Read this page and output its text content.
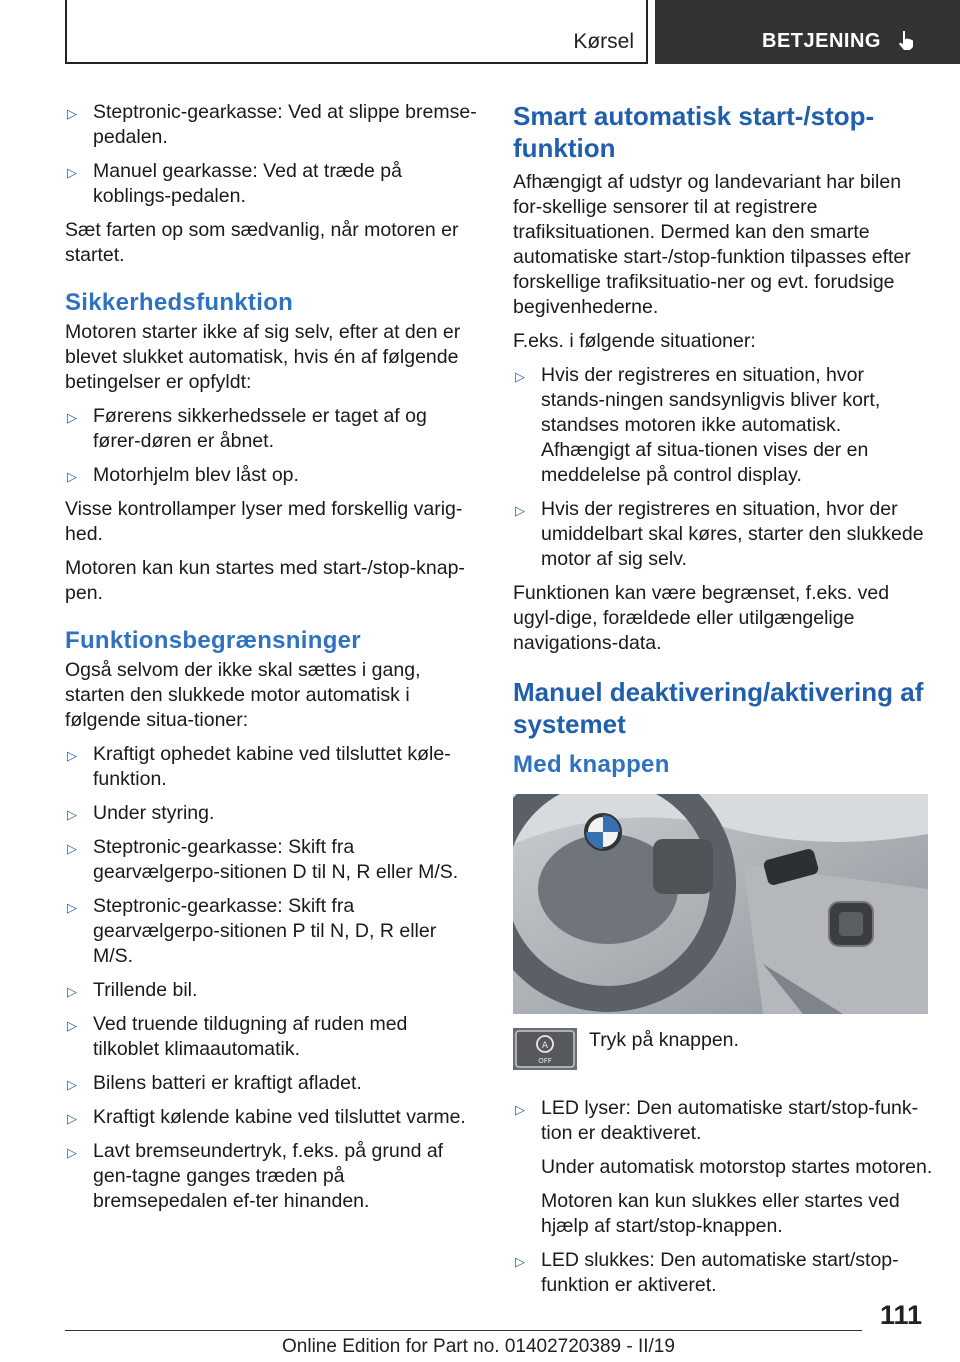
Kørsel	BETJENING
▷ Steptronic-gearkasse: Ved at slippe bremse‐pedalen.
▷ Manuel gearkasse: Ved at træde på koblings‐pedalen.

Sæt farten op som sædvanlig, når motoren er startet.

Sikkerhedsfunktion

Motoren starter ikke af sig selv, efter at den er blevet slukket automatisk, hvis én af følgende betingelser er opfyldt:

▷ Førerens sikkerhedssele er taget af og fører‐døren er åbnet.
▷ Motorhjelm blev låst op.

Visse kontrollamper lyser med forskellig varig‐hed.

Motoren kan kun startes med start-/stop-knap‐pen.

Funktionsbegrænsninger

Også selvom der ikke skal sættes i gang, starten den slukkede motor automatisk i følgende situa‐tioner:

▷ Kraftigt ophedet kabine ved tilsluttet køle‐funktion.
▷ Under styring.
▷ Steptronic-gearkasse: Skift fra gearvælgerpo‐sitionen D til N, R eller M/S.
▷ Steptronic-gearkasse: Skift fra gearvælgerpo‐sitionen P til N, D, R eller M/S.
▷ Trillende bil.
▷ Ved truende tildugning af ruden med tilkoblet klimaautomatik.
▷ Bilens batteri er kraftigt afladet.
▷ Kraftigt kølende kabine ved tilsluttet varme.
▷ Lavt bremseundertryk, f.eks. på grund af gen‐tagne ganges træden på bremsepedalen ef‐ter hinanden.
Smart automatisk start-/stop-funktion

Afhængigt af udstyr og landevariant har bilen for‐skellige sensorer til at registrere trafiksituationen. Dermed kan den smarte automatiske start-/stop-funktion tilpasses efter forskellige trafiksituatio‐ner og evt. forudsige begivenhederne.

F.eks. i følgende situationer:

▷ Hvis der registreres en situation, hvor stands‐ningen sandsynligvis bliver kort, standses motoren ikke automatisk. Afhængigt af situa‐tionen vises der en meddelelse på control display.
▷ Hvis der registreres en situation, hvor der umiddelbart skal køres, starter den slukkede motor af sig selv.

Funktionen kan være begrænset, f.eks. ved ugyl‐dige, forældede eller utilgængelige navigations‐data.

Manuel deaktivering/aktivering af systemet
Med knappen
A
OFF
Tryk på knappen.
▷ LED lyser: Den automatiske start/stop-funk‐tion er deaktiveret.

Under automatisk motorstop startes motoren.

Motoren kan kun slukkes eller startes ved hjælp af start/stop-knappen.

▷ LED slukkes: Den automatiske start/stop-funktion er aktiveret.
111
Online Edition for Part no. 01402720389 - II/19
